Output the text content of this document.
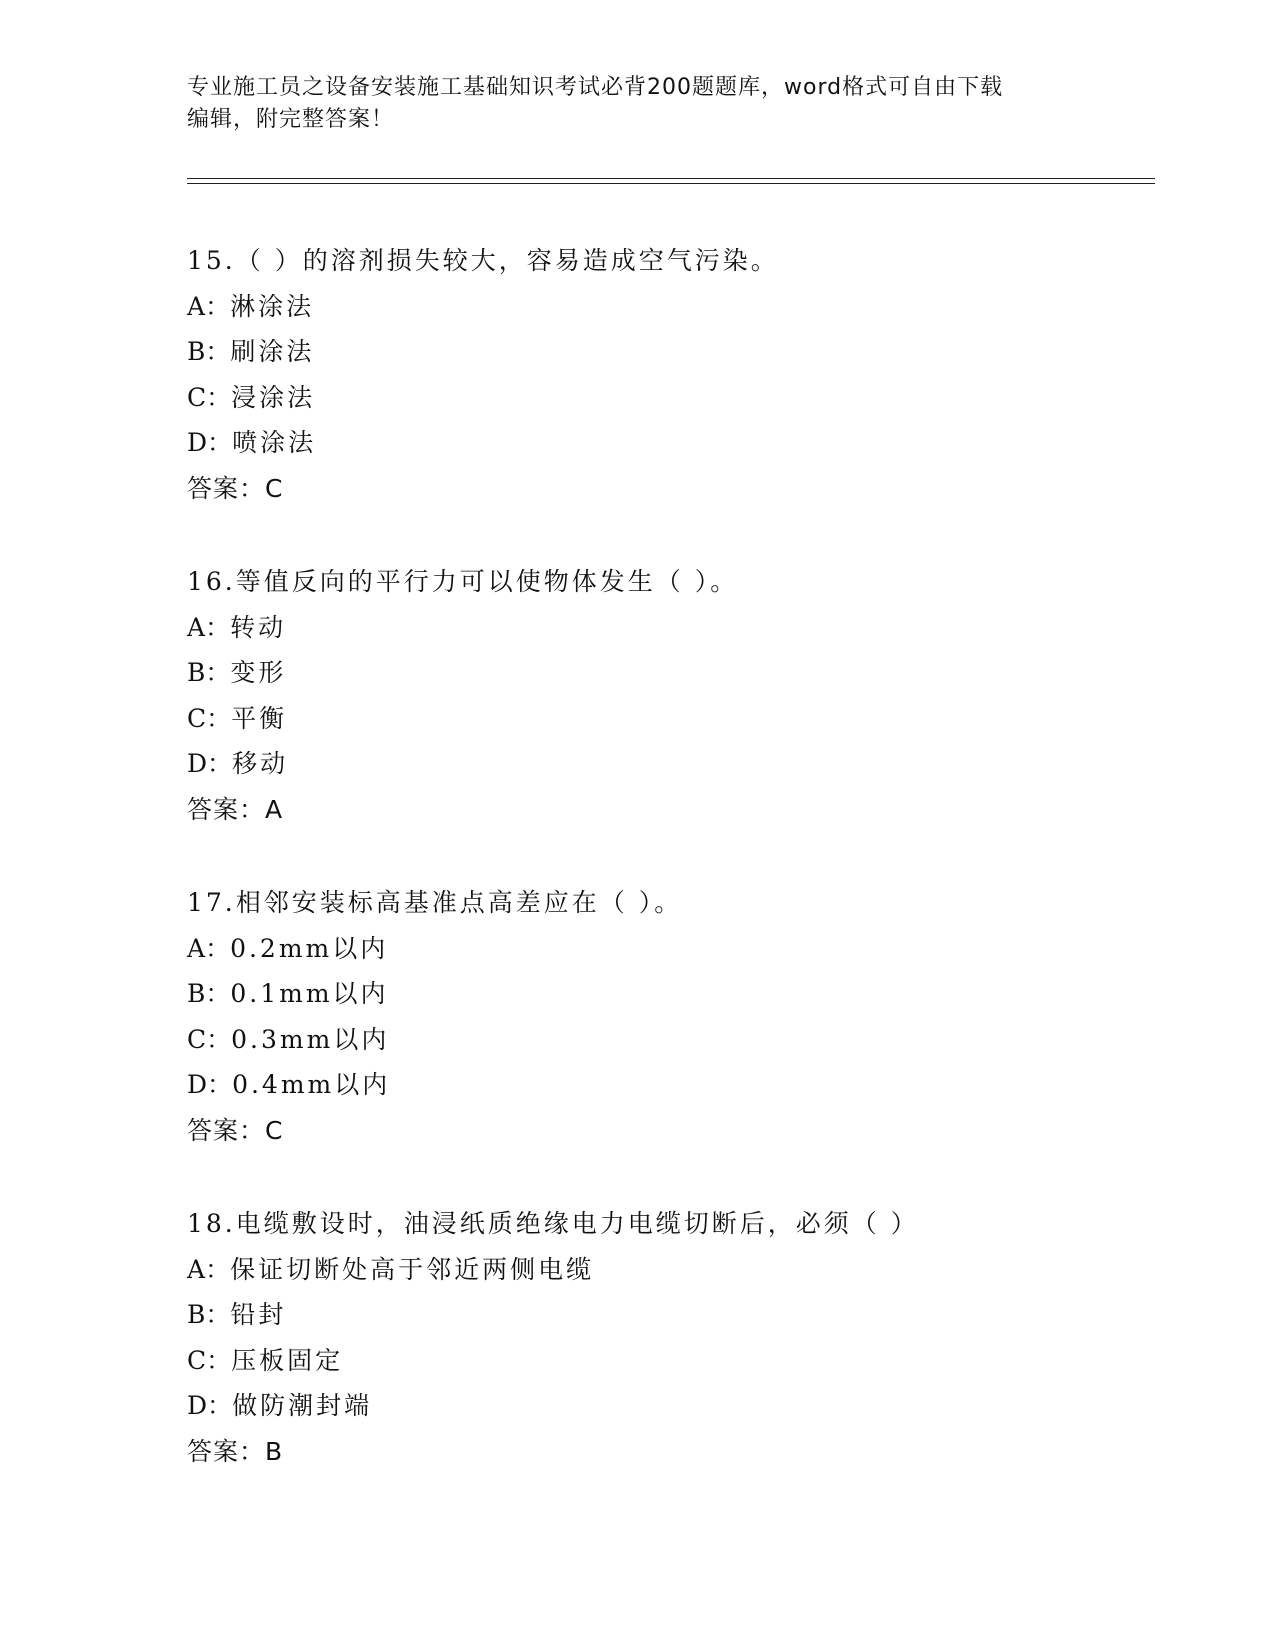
专业施工员之设备安装施工基础知识考试必背200题题库，word格式可自由下载
编辑，附完整答案！
15.（ ）的溶剂损失较大，容易造成空气污染。
A：淋涂法
B：刷涂法
C：浸涂法
D：喷涂法
答案：C
16.等值反向的平行力可以使物体发生（ ）。
A：转动
B：变形
C：平衡
D：移动
答案：A
17.相邻安装标高基准点高差应在（ ）。
A：0.2mm以内
B：0.1mm以内
C：0.3mm以内
D：0.4mm以内
答案：C
18.电缆敷设时，油浸纸质绝缘电力电缆切断后，必须（ ）
A：保证切断处高于邻近两侧电缆
B：铅封
C：压板固定
D：做防潮封端
答案：B
